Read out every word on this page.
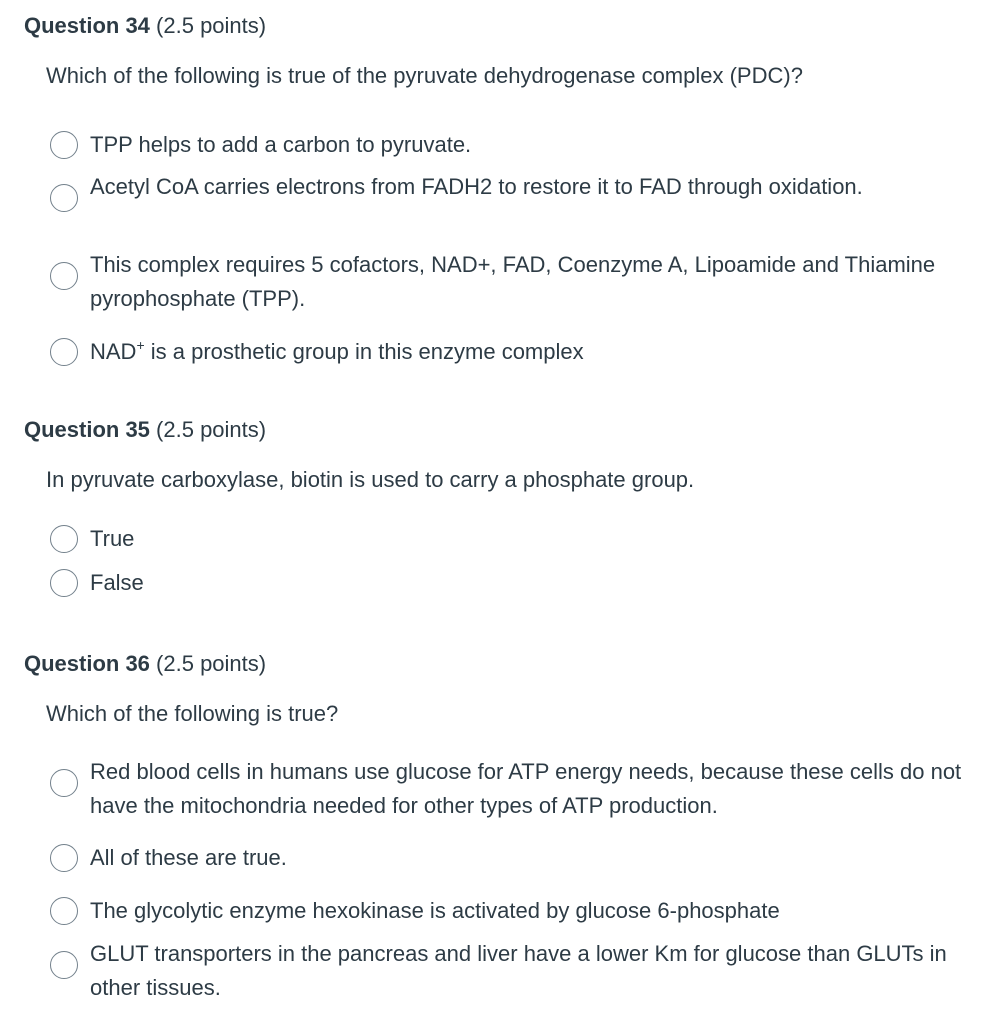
Question 34 (2.5 points)
Which of the following is true of the pyruvate dehydrogenase complex (PDC)?
TPP helps to add a carbon to pyruvate.
Acetyl CoA carries electrons from FADH2 to restore it to FAD through oxidation.
This complex requires 5 cofactors, NAD+, FAD, Coenzyme A, Lipoamide and Thiamine pyrophosphate (TPP).
NAD+ is a prosthetic group in this enzyme complex
Question 35 (2.5 points)
In pyruvate carboxylase, biotin is used to carry a phosphate group.
True
False
Question 36 (2.5 points)
Which of the following is true?
Red blood cells in humans use glucose for ATP energy needs, because these cells do not have the mitochondria needed for other types of ATP production.
All of these are true.
The glycolytic enzyme hexokinase is activated by glucose 6-phosphate
GLUT transporters in the pancreas and liver have a lower Km for glucose than GLUTs in other tissues.
